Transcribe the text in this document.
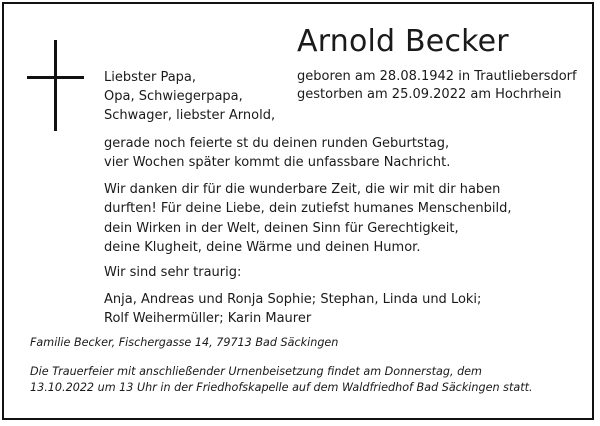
Arnold Becker
Liebster Papa,
Opa, Schwiegerpapa,
Schwager, liebster Arnold,
geboren am 28.08.1942 in Trautliebersdorf
gestorben am 25.09.2022 am Hochrhein
gerade noch feierte st du deinen runden Geburtstag,
vier Wochen später kommt die unfassbare Nachricht.
Wir danken dir für die wunderbare Zeit, die wir mit dir haben
durften! Für deine Liebe, dein zutiefst humanes Menschenbild,
dein Wirken in der Welt, deinen Sinn für Gerechtigkeit,
deine Klugheit, deine Wärme und deinen Humor.
Wir sind sehr traurig:
Anja, Andreas und Ronja Sophie; Stephan, Linda und Loki;
Rolf Weihermüller; Karin Maurer
Familie Becker, Fischergasse 14, 79713 Bad Säckingen
Die Trauerfeier mit anschließender Urnenbeisetzung findet am Donnerstag, dem
13.10.2022 um 13 Uhr in der Friedhofskapelle auf dem Waldfriedhof Bad Säckingen statt.
